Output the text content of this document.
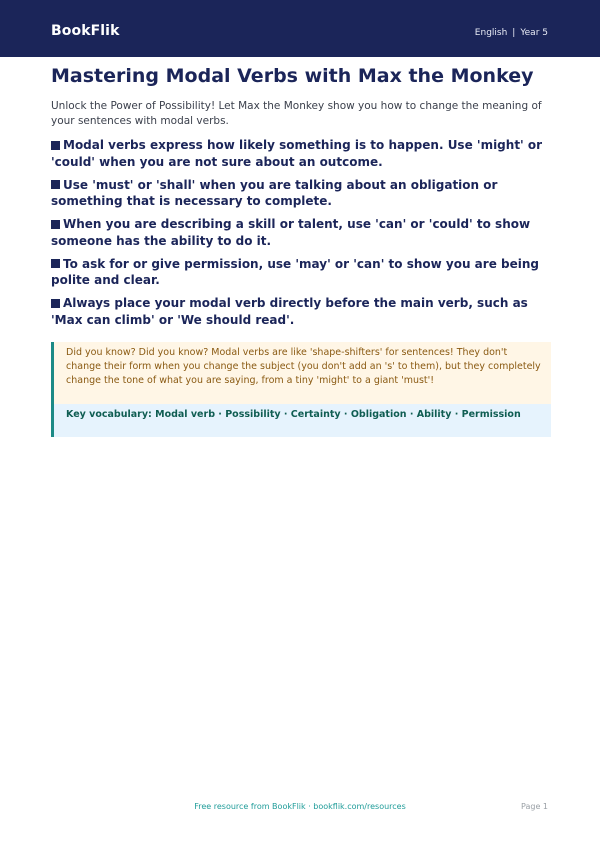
BookFlik	English | Year 5
Mastering Modal Verbs with Max the Monkey

Unlock the Power of Possibility! Let Max the Monkey show you how to change the meaning of your sentences with modal verbs.

Modal verbs express how likely something is to happen. Use 'might' or 'could' when you are not sure about an outcome.
Use 'must' or 'shall' when you are talking about an obligation or something that is necessary to complete.
When you are describing a skill or talent, use 'can' or 'could' to show someone has the ability to do it.
To ask for or give permission, use 'may' or 'can' to show you are being polite and clear.
Always place your modal verb directly before the main verb, such as 'Max can climb' or 'We should read'.
Did you know? Did you know? Modal verbs are like 'shape-shifters' for sentences! They don't change their form when you change the subject (you don't add an 's' to them), but they completely change the tone of what you are saying, from a tiny 'might' to a giant 'must'!
Key vocabulary: Modal verb · Possibility · Certainty · Obligation · Ability · Permission
Free resource from BookFlik · bookflik.com/resources	Page 1
